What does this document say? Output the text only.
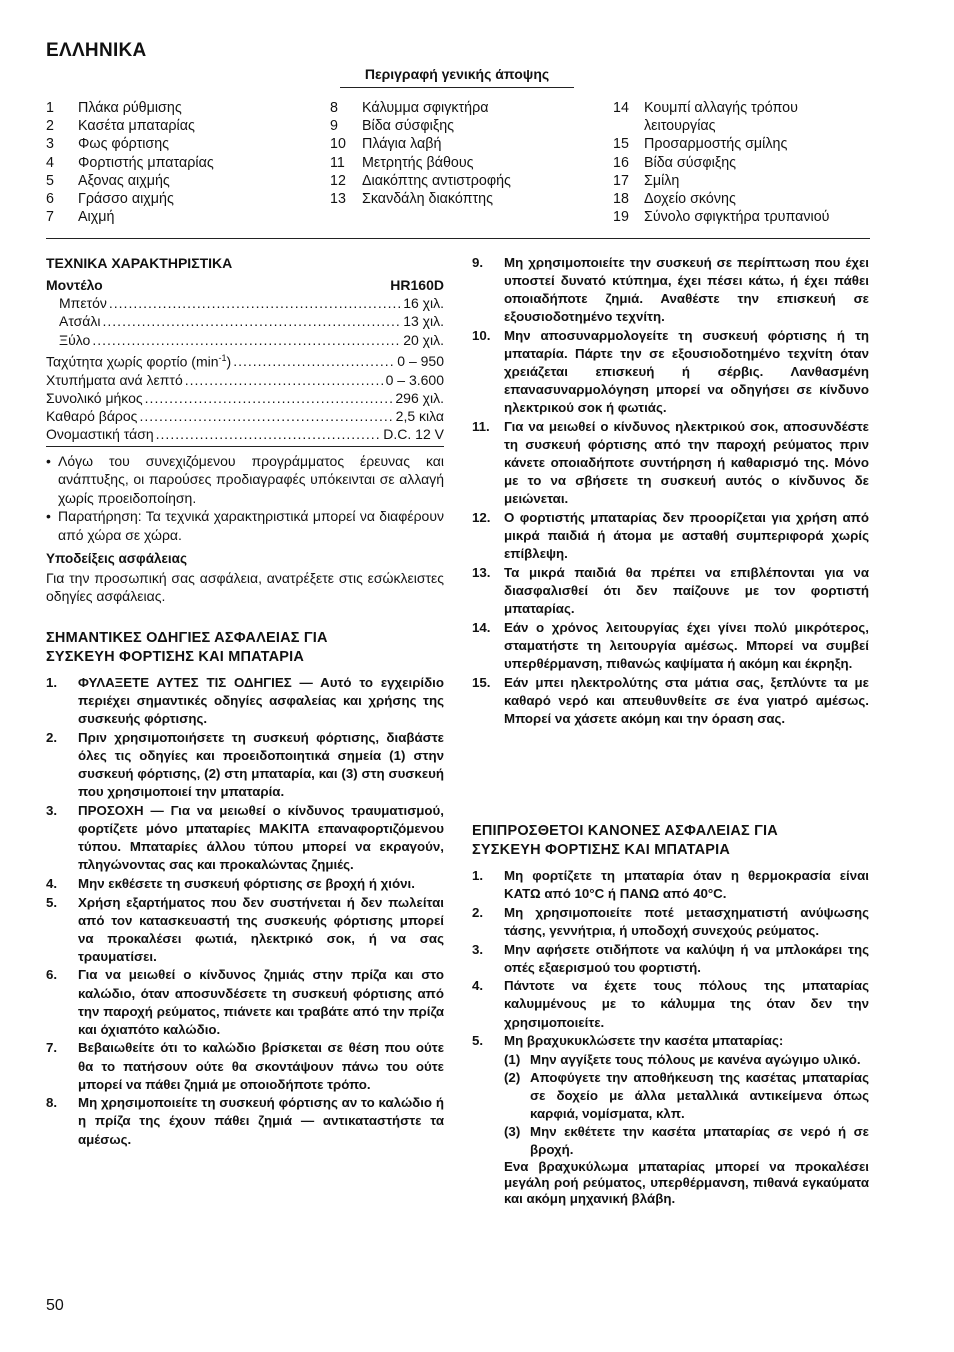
ΕΛΛΗΝΙΚΑ
Περιγραφή γενικής άποψης
1	Πλάκα ρύθμισης
2	Κασέτα μπαταρίας
3	Φως φόρτισης
4	Φορτιστής μπαταρίας
5	Αξονας αιχμής
6	Γράσσο αιχμής
7	Αιχμή
8	Κάλυμμα σφιγκτήρα
9	Βίδα σύσφιξης
10	Πλάγια λαβή
11	Μετρητής βάθους
12	Διακόπτης αντιστροφής
13	Σκανδάλη διακόπτης
14	Κουμπί αλλαγής τρόπου
λειτουργίας
15	Προσαρμοστής σμίλης
16	Βίδα σύσφιξης
17	Σμίλη
18	Δοχείο σκόνης
19	Σύνολο σφιγκτήρα τρυπανιού
ΤΕΧΝΙΚΑ ΧΑΡΑΚΤΗΡΙΣΤΙΚΑ
Μοντέλο	HR160D
Μπετόν .....	16 χιλ.
Ατσάλι .....	13 χιλ.
Ξύλο .....	20 χιλ.
Ταχύτητα χωρίς φορτίο $(\min^{-1})$ .....	0 – 950
Χτυπήματα ανά λεπτό .....	0 – 3.600
Συνολικό μήκος .....	296 χιλ.
Καθαρό βάρος .....	2,5 κιλα
Ονομαστική τάση .....	D.C. 12 V
• Λόγω του συνεχιζόμενου προγράμματος έρευνας και ανάπτυξης, οι παρούσες προδιαγραφές υπόκεινται σε αλλαγή χωρίς προειδοποίηση.
• Παρατήρηση: Τα τεχνικά χαρακτηριστικά μπορεί να διαφέρουν από χώρα σε χώρα.
Υποδείξεις ασφάλειας
Για την προσωπική σας ασφάλεια, ανατρέξετε στις εσώκλειστες οδηγίες ασφάλειας.
ΣΗΜΑΝΤΙΚΕΣ ΟΔΗΓΙΕΣ ΑΣΦΑΛΕΙΑΣ ΓΙΑ
ΣΥΣΚΕΥΗ ΦΟΡΤΙΣΗΣ ΚΑΙ ΜΠΑΤΑΡΙΑ
1.	ΦΥΛΑΞΕΤΕ ΑΥΤΕΣ ΤΙΣ ΟΔΗΓΙΕΣ — Αυτό το εγχειρίδιο περιέχει σημαντικές οδηγίες ασφαλείας και χρήσης της συσκευής φόρτισης.
2.	Πριν χρησιμοποιήσετε τη συσκευή φόρτισης, διαβάστε όλες τις οδηγίες και προειδοποιητικά σημεία (1) στην συσκευή φόρτισης, (2) στη μπαταρία, και (3) στη συσκευή που χρησιμοποιεί την μπαταρία.
3.	ΠΡΟΣΟΧΗ — Για να μειωθεί ο κίνδυνος τραυματισμού, φορτίζετε μόνο μπαταρίες ΜΑΚΙΤΑ επαναφορτιζόμενου τύπου. Μπαταρίες άλλου τύπου μπορεί να εκραγούν, πληγώνοντας σας και προκαλώντας ζημιές.
4.	Μην εκθέσετε τη συσκευή φόρτισης σε βροχή ή χιόνι.
5.	Χρήση εξαρτήματος που δεν συστήνεται ή δεν πωλείται από τον κατασκευαστή της συσκευής φόρτισης μπορεί να προκαλέσει φωτιά, ηλεκτρικό σοκ, ή να σας τραυματίσει.
6.	Για να μειωθεί ο κίνδυνος ζημιάς στην πρίζα και στο καλώδιο, όταν αποσυνδέσετε τη συσκευή φόρτισης από την παροχή ρεύματος, πιάνετε και τραβάτε από την πρίζα και όχιαπότο καλώδιο.
7.	Βεβαιωθείτε ότι το καλώδιο βρίσκεται σε θέση που ούτε θα το πατήσουν ούτε θα σκοντάψουν πάνω του ούτε μπορεί να πάθει ζημιά με οποιοδήποτε τρόπο.
8.	Μη χρησιμοποιείτε τη συσκευή φόρτισης αν το καλώδιο ή η πρίζα της έχουν πάθει ζημιά — αντικαταστήστε τα αμέσως.
9.	Μη χρησιμοποιείτε την συσκευή σε περίπτωση που έχει υποστεί δυνατό κτύπημα, έχει πέσει κάτω, ή έχει πάθει οποιαδήποτε ζημιά. Αναθέστε την επισκευή σε εξουσιοδοτημένο τεχνίτη.
10.	Μην αποσυναρμολογείτε τη συσκευή φόρτισης ή τη μπαταρία. Πάρτε την σε εξουσιοδοτημένο τεχνίτη όταν χρειάζεται επισκευή ή σέρβις. Λανθασμένη επανασυναρμολόγηση μπορεί να οδηγήσει σε κίνδυνο ηλεκτρικού σοκ ή φωτιάς.
11.	Για να μειωθεί ο κίνδυνος ηλεκτρικού σοκ, αποσυνδέστε τη συσκευή φόρτισης από την παροχή ρεύματος πριν κάνετε οποιαδήποτε συντήρηση ή καθαρισμό της. Μόνο με το να σβήσετε τη συσκευή αυτός ο κίνδυνος δε μειώνεται.
12.	Ο φορτιστής μπαταρίας δεν προορίζεται για χρήση από μικρά παιδιά ή άτομα με ασταθή συμπεριφορά χωρίς επίβλεψη.
13.	Τα μικρά παιδιά θα πρέπει να επιβλέπονται για να διασφαλισθεί ότι δεν παίζουνε με τον φορτιστή μπαταρίας.
14.	Εάν ο χρόνος λειτουργίας έχει γίνει πολύ μικρότερος, σταματήστε τη λειτουργία αμέσως. Μπορεί να συμβεί υπερθέρμανση, πιθανώς καψίματα ή ακόμη και έκρηξη.
15.	Εάν μπει ηλεκτρολύτης στα μάτια σας, ξεπλύντε τα με καθαρό νερό και απευθυνθείτε σε ένα γιατρό αμέσως. Μπορεί να χάσετε ακόμη και την όραση σας.
ΕΠΙΠΡΟΣΘΕΤΟΙ ΚΑΝΟΝΕΣ ΑΣΦΑΛΕΙΑΣ ΓΙΑ
ΣΥΣΚΕΥΗ ΦΟΡΤΙΣΗΣ ΚΑΙ ΜΠΑΤΑΡΙΑ
1.	Μη φορτίζετε τη μπαταρία όταν η θερμοκρασία είναι ΚΑΤΩ από 10°C ή ΠΑΝΩ από 40°C.
2.	Μη χρησιμοποιείτε ποτέ μετασχηματιστή ανύψωσης τάσης, γεννήτρια, ή υποδοχή συνεχούς ρεύματος.
3.	Μην αφήσετε οτιδήποτε να καλύψη ή να μπλοκάρει της οπές εξαερισμού του φορτιστή.
4.	Πάντοτε να έχετε τους πόλους της μπαταρίας καλυμμένους με το κάλυμμα της όταν δεν την χρησιμοποιείτε.
5.	Μη βραχυκυκλώσετε την κασέτα μπαταρίας:
(1) Μην αγγίξετε τους πόλους με κανένα αγώγιμο υλικό.
(2) Αποφύγετε την αποθήκευση της κασέτας μπαταρίας σε δοχείο με άλλα μεταλλικά αντικείμενα όπως καρφιά, νομίσματα, κλπ.
(3) Μην εκθέτετε την κασέτα μπαταρίας σε νερό ή σε βροχή.
Ενα βραχυκύλωμα μπαταρίας μπορεί να προκαλέσει μεγάλη ροή ρεύματος, υπερθέρμανση, πιθανά εγκαύματα και ακόμη μηχανική βλάβη.
50
